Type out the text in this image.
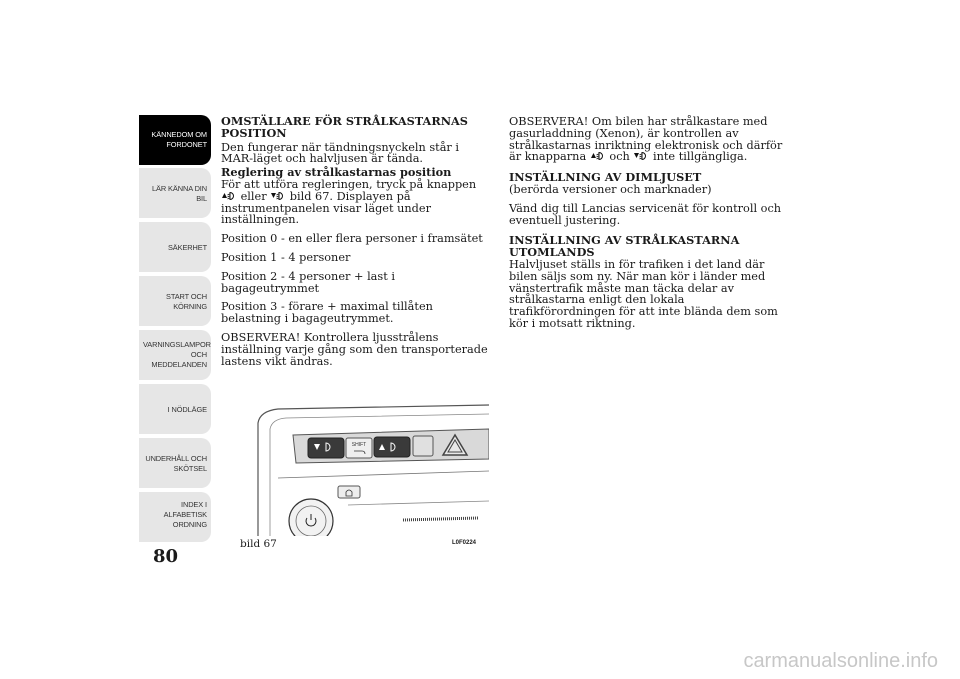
KÄNNEDOM OM
FORDONET
LÄR KÄNNA DIN
BIL
SÄKERHET
START OCH
KÖRNING
VARNINGSLAMPOR
OCH
MEDDELANDEN
I NÖDLÄGE
UNDERHÅLL OCH
SKÖTSEL
INDEX I
ALFABETISK
ORDNING
80
OMSTÄLLARE FÖR STRÅLKASTARNAS POSITION

Den fungerar när tändningsnyckeln står i MAR-läget och halvljusen är tända.

Reglering av strålkastarnas position

För att utföra regleringen, tryck på knappen
eller bild 67. Displayen på instrumentpanelen visar läget under inställningen.

Position 0 - en eller flera personer i framsätet

Position 1 - 4 personer

Position 2 - 4 personer + last i bagageutrymmet

Position 3 - förare + maximal tillåten belastning i bagageutrymmet.

OBSERVERA! Kontrollera ljusstrålens inställning varje gång som den transporterade lastens vikt ändras.

OBSERVERA! Om bilen har strålkastare med gasurladdning (Xenon), är kontrollen av strålkastarnas inriktning elektronisk och därför är knapparna och inte tillgängliga.

INSTÄLLNING AV DIMLJUSET

(berörda versioner och marknader)

Vänd dig till Lancias servicenät för kontroll och eventuell justering.

INSTÄLLNING AV STRÅLKASTARNA UTOMLANDS

Halvljuset ställs in för trafiken i det land där bilen säljs som ny. När man kör i länder med vänstertrafik måste man täcka delar av strålkastarna enligt den lokala trafikförordningen för att inte blända dem som kör i motsatt riktning.

SHIFT
bild 67	L0F0224
carmanualsonline.info
